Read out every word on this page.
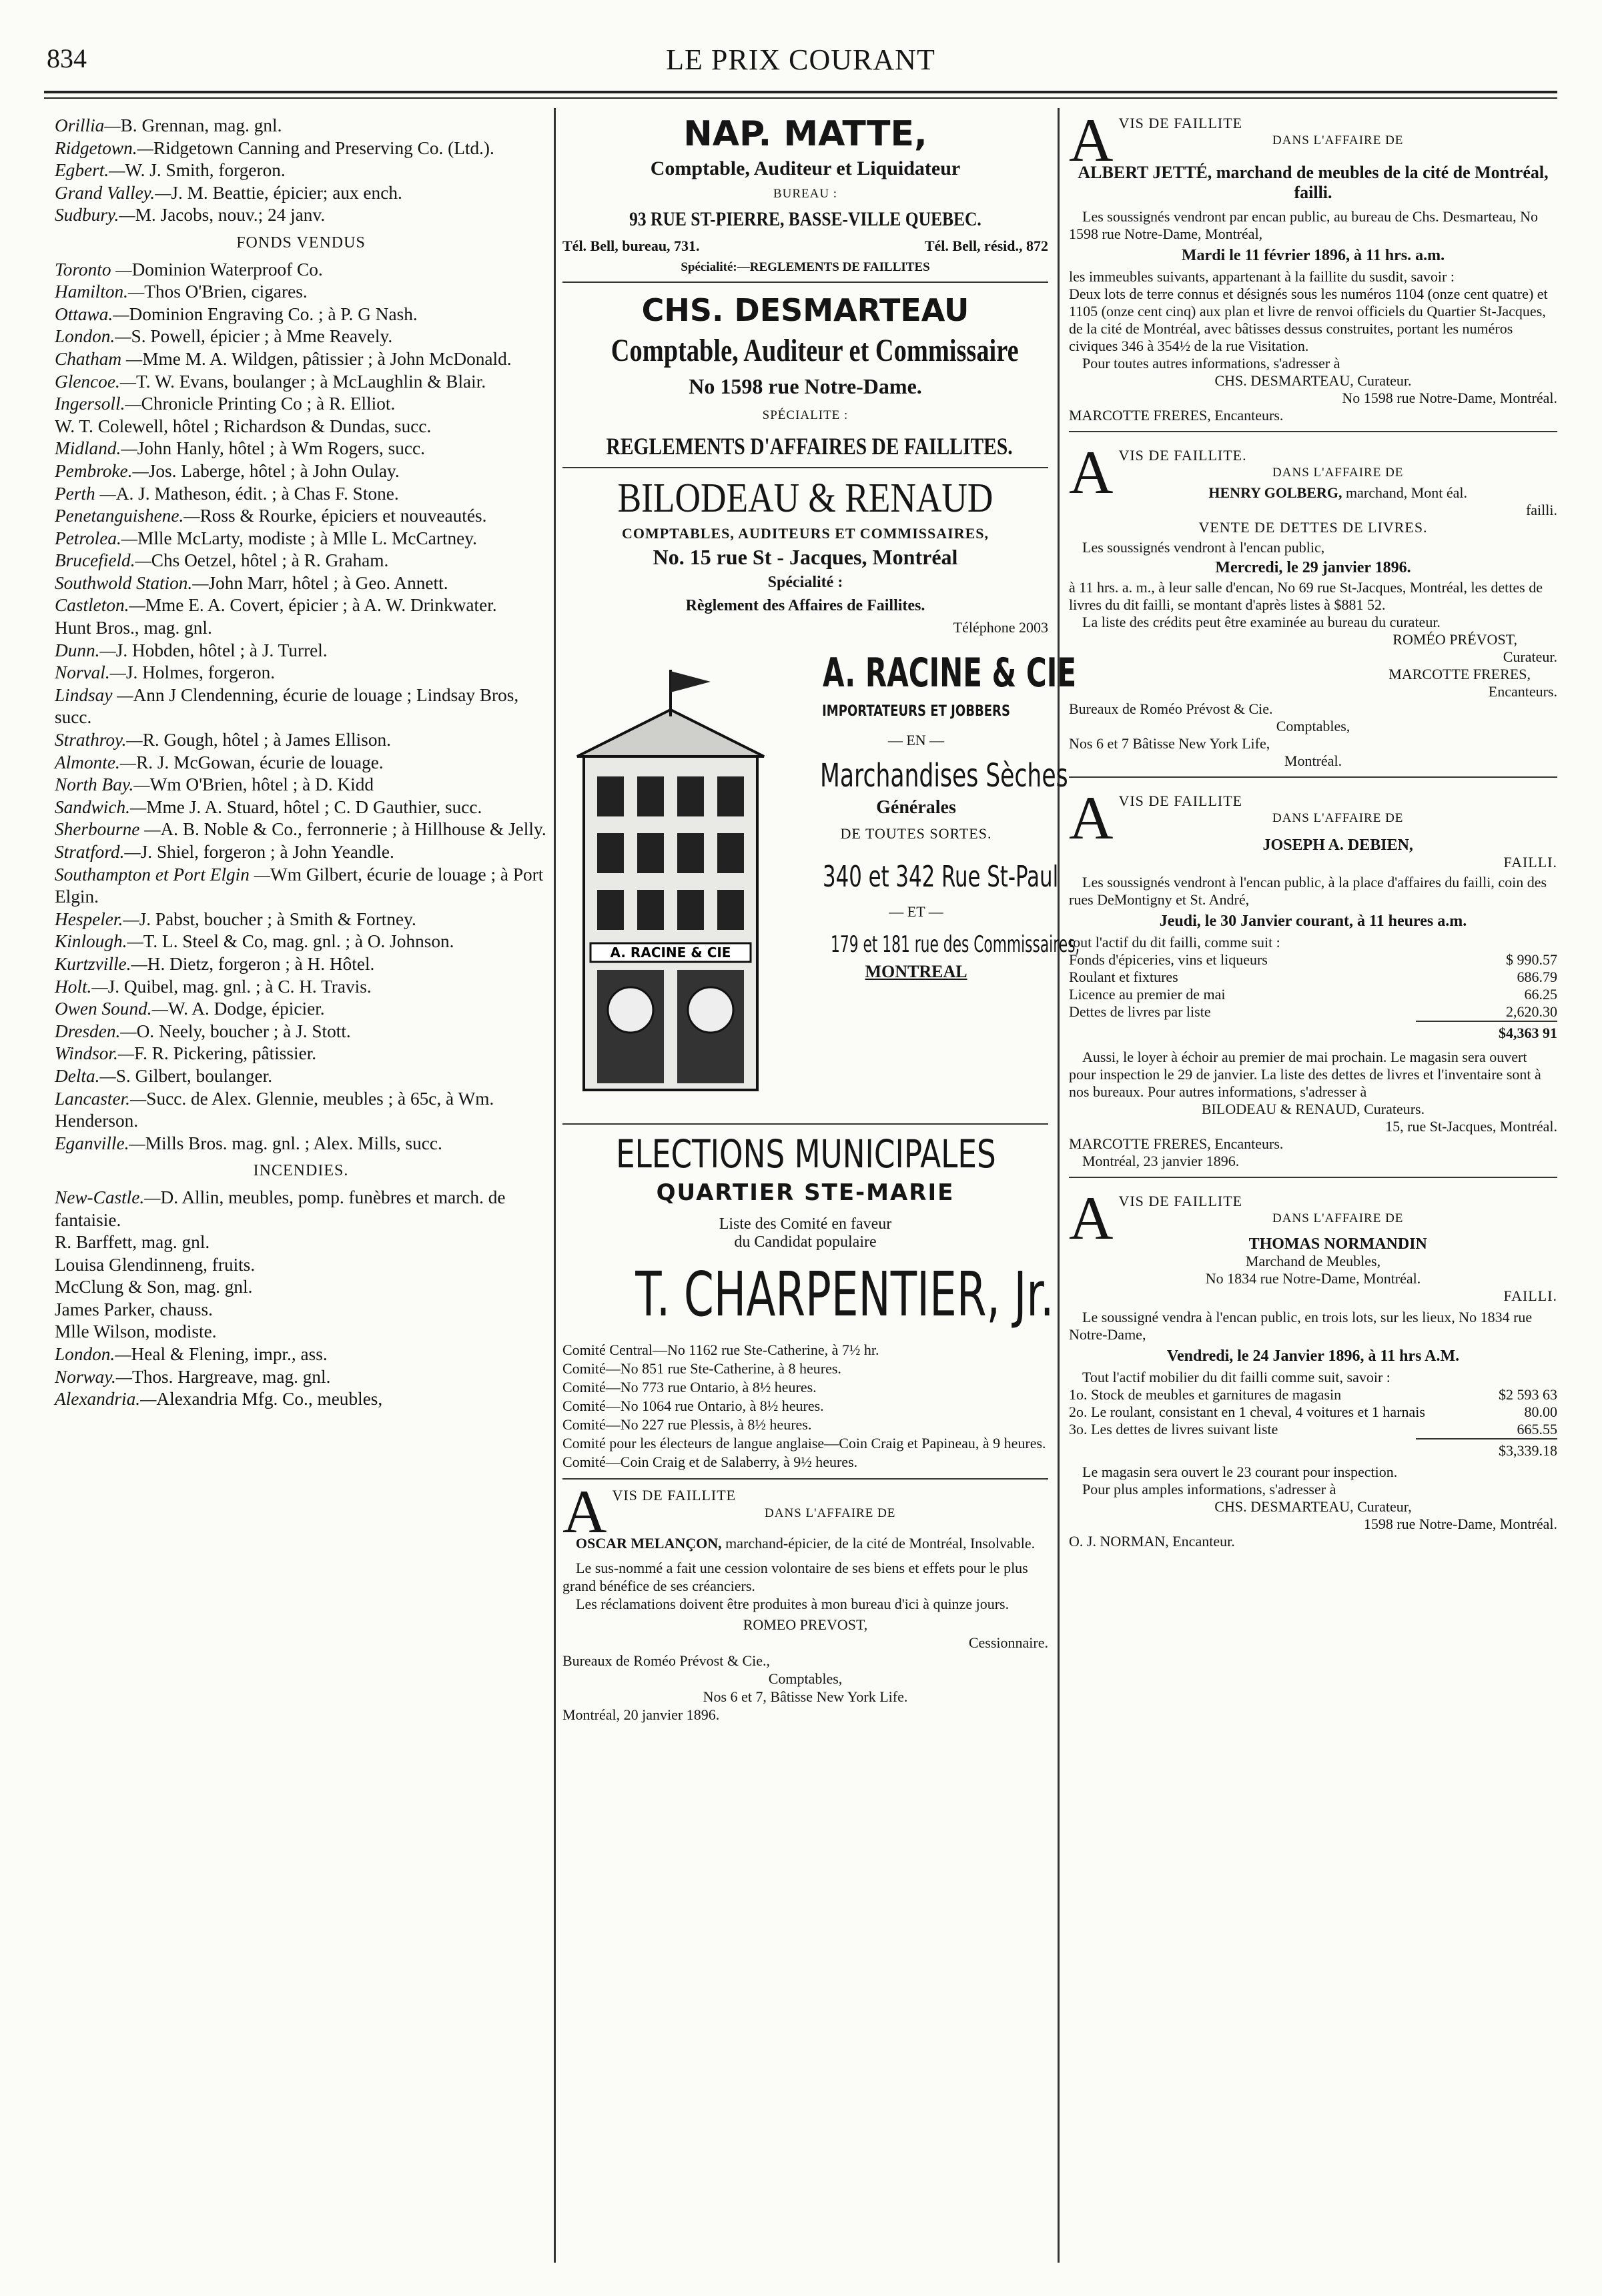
834	LE PRIX COURANT

Orillia—B. Grennan, mag. gnl.

Ridgetown.—Ridgetown Canning and Preserving Co. (Ltd.).

Egbert.—W. J. Smith, forgeron.

Grand Valley.—J. M. Beattie, épicier; aux ench.

Sudbury.—M. Jacobs, nouv.; 24 janv.

FONDS VENDUS

Toronto —Dominion Waterproof Co.

Hamilton.—Thos O'Brien, cigares.

Ottawa.—Dominion Engraving Co. ; à P. G Nash.

London.—S. Powell, épicier ; à Mme Reavely.

Chatham —Mme M. A. Wildgen, pâtissier ; à John McDonald.

Glencoe.—T. W. Evans, boulanger ; à McLaughlin & Blair.

Ingersoll.—Chronicle Printing Co ; à R. Elliot.

W. T. Colewell, hôtel ; Richardson & Dundas, succ.

Midland.—John Hanly, hôtel ; à Wm Rogers, succ.

Pembroke.—Jos. Laberge, hôtel ; à John Oulay.

Perth —A. J. Matheson, édit. ; à Chas F. Stone.

Penetanguishene.—Ross & Rourke, épiciers et nouveautés.

Petrolea.—Mlle McLarty, modiste ; à Mlle L. McCartney.

Brucefield.—Chs Oetzel, hôtel ; à R. Graham.

Southwold Station.—John Marr, hôtel ; à Geo. Annett.

Castleton.—Mme E. A. Covert, épicier ; à A. W. Drinkwater.

Hunt Bros., mag. gnl.

Dunn.—J. Hobden, hôtel ; à J. Turrel.

Norval.—J. Holmes, forgeron.

Lindsay —Ann J Clendenning, écurie de louage ; Lindsay Bros, succ.

Strathroy.—R. Gough, hôtel ; à James Ellison.

Almonte.—R. J. McGowan, écurie de louage.

North Bay.—Wm O'Brien, hôtel ; à D. Kidd

Sandwich.—Mme J. A. Stuard, hôtel ; C. D Gauthier, succ.

Sherbourne —A. B. Noble & Co., ferronnerie ; à Hillhouse & Jelly.

Stratford.—J. Shiel, forgeron ; à John Yeandle.

Southampton et Port Elgin —Wm Gilbert, écurie de louage ; à Port Elgin.

Hespeler.—J. Pabst, boucher ; à Smith & Fortney.

Kinlough.—T. L. Steel & Co, mag. gnl. ; à O. Johnson.

Kurtzville.—H. Dietz, forgeron ; à H. Hôtel.

Holt.—J. Quibel, mag. gnl. ; à C. H. Travis.

Owen Sound.—W. A. Dodge, épicier.

Dresden.—O. Neely, boucher ; à J. Stott.

Windsor.—F. R. Pickering, pâtissier.

Delta.—S. Gilbert, boulanger.

Lancaster.—Succ. de Alex. Glennie, meubles ; à 65c, à Wm. Henderson.

Eganville.—Mills Bros. mag. gnl. ; Alex. Mills, succ.

INCENDIES.

New-Castle.—D. Allin, meubles, pomp. funèbres et march. de fantaisie.

R. Barffett, mag. gnl.

Louisa Glendinneng, fruits.

McClung & Son, mag. gnl.

James Parker, chauss.

Mlle Wilson, modiste.

London.—Heal & Flening, impr., ass.

Norway.—Thos. Hargreave, mag. gnl.

Alexandria.—Alexandria Mfg. Co., meubles,

NAP. MATTE,
Comptable, Auditeur et Liquidateur
BUREAU :
93 RUE ST-PIERRE, BASSE-VILLE QUEBEC.
Tél. Bell, bureau, 731.	Tél. Bell, résid., 872
Spécialité:—REGLEMENTS DE FAILLITES
CHS. DESMARTEAU
Comptable, Auditeur et Commissaire
No 1598 rue Notre-Dame.
SPÉCIALITE :
REGLEMENTS D'AFFAIRES DE FAILLITES.
BILODEAU & RENAUD
COMPTABLES, AUDITEURS ET COMMISSAIRES,
No. 15 rue St - Jacques, Montréal
Spécialité :
Règlement des Affaires de Faillites.
Téléphone 2003
A. RACINE & CIE
A. RACINE & CIE
IMPORTATEURS ET JOBBERS
— EN —
Marchandises Sèches
Générales
DE TOUTES SORTES.
340 et 342 Rue St-Paul
— ET —
179 et 181 rue des Commissaires,
MONTREAL
ELECTIONS MUNICIPALES
QUARTIER STE-MARIE
Liste des Comité en faveur
du Candidat populaire
T. CHARPENTIER, Jr.
Comité Central—No 1162 rue Ste-Catherine, à 7½ hr.
Comité—No 851 rue Ste-Catherine, à 8 heures.
Comité—No 773 rue Ontario, à 8½ heures.
Comité—No 1064 rue Ontario, à 8½ heures.
Comité—No 227 rue Plessis, à 8½ heures.
Comité pour les électeurs de langue anglaise—Coin Craig et Papineau, à 9 heures.
Comité—Coin Craig et de Salaberry, à 9½ heures.
A VIS DE FAILLITE
DANS L'AFFAIRE DE
OSCAR MELANÇON, marchand-épicier, de la cité de Montréal, Insolvable.

Le sus-nommé a fait une cession volontaire de ses biens et effets pour le plus grand bénéfice de ses créanciers.

Les réclamations doivent être produites à mon bureau d'ici à quinze jours.

ROMEO PREVOST,
Cessionnaire.
Bureaux de Roméo Prévost & Cie.,
Comptables,
Nos 6 et 7, Bâtisse New York Life.
Montréal, 20 janvier 1896.
A VIS DE FAILLITE
DANS L'AFFAIRE DE
ALBERT JETTÉ, marchand de meubles de la cité de Montréal, failli.

Les soussignés vendront par encan public, au bureau de Chs. Desmarteau, No 1598 rue Notre-Dame, Montréal,

Mardi le 11 février 1896, à 11 hrs. a.m.

les immeubles suivants, appartenant à la faillite du susdit, savoir :

Deux lots de terre connus et désignés sous les numéros 1104 (onze cent quatre) et 1105 (onze cent cinq) aux plan et livre de renvoi officiels du Quartier St-Jacques, de la cité de Montréal, avec bâtisses dessus construites, portant les numéros civiques 346 à 354½ de la rue Visitation.

Pour toutes autres informations, s'adresser à

CHS. DESMARTEAU, Curateur.
No 1598 rue Notre-Dame, Montréal.
MARCOTTE FRERES, Encanteurs.
A VIS DE FAILLITE.
DANS L'AFFAIRE DE
HENRY GOLBERG, marchand, Mont éal.
failli.
VENTE DE DETTES DE LIVRES.

Les soussignés vendront à l'encan public,

Mercredi, le 29 janvier 1896.

à 11 hrs. a. m., à leur salle d'encan, No 69 rue St-Jacques, Montréal, les dettes de livres du dit failli, se montant d'après listes à $881 52.

La liste des crédits peut être examinée au bureau du curateur.

ROMÉO PRÉVOST,
Curateur.
MARCOTTE FRERES,
Encanteurs.
Bureaux de Roméo Prévost & Cie.
Comptables,
Nos 6 et 7 Bâtisse New York Life,
Montréal.
A VIS DE FAILLITE
DANS L'AFFAIRE DE
JOSEPH A. DEBIEN,
FAILLI.

Les soussignés vendront à l'encan public, à la place d'affaires du failli, coin des rues DeMontigny et St. André,

Jeudi, le 30 Janvier courant, à 11 heures a.m.

tout l'actif du dit failli, comme suit :

Fonds d'épiceries, vins et liqueurs	$ 990.57
Roulant et fixtures	686.79
Licence au premier de mai	66.25
Dettes de livres par liste	2,620.30
$4,363 91

Aussi, le loyer à échoir au premier de mai prochain. Le magasin sera ouvert pour inspection le 29 de janvier. La liste des dettes de livres et l'inventaire sont à nos bureaux. Pour autres informations, s'adresser à

BILODEAU & RENAUD, Curateurs.
15, rue St-Jacques, Montréal.
MARCOTTE FRERES, Encanteurs.
Montréal, 23 janvier 1896.
A VIS DE FAILLITE
DANS L'AFFAIRE DE
THOMAS NORMANDIN
Marchand de Meubles,
No 1834 rue Notre-Dame, Montréal.
FAILLI.

Le soussigné vendra à l'encan public, en trois lots, sur les lieux, No 1834 rue Notre-Dame,

Vendredi, le 24 Janvier 1896, à 11 hrs A.M.

Tout l'actif mobilier du dit failli comme suit, savoir :

1o. Stock de meubles et garnitures de magasin	$2 593 63
2o. Le roulant, consistant en 1 cheval, 4 voitures et 1 harnais	80.00
3o. Les dettes de livres suivant liste	665.55
$3,339.18

Le magasin sera ouvert le 23 courant pour inspection.

Pour plus amples informations, s'adresser à

CHS. DESMARTEAU, Curateur,
1598 rue Notre-Dame, Montréal.
O. J. NORMAN, Encanteur.
